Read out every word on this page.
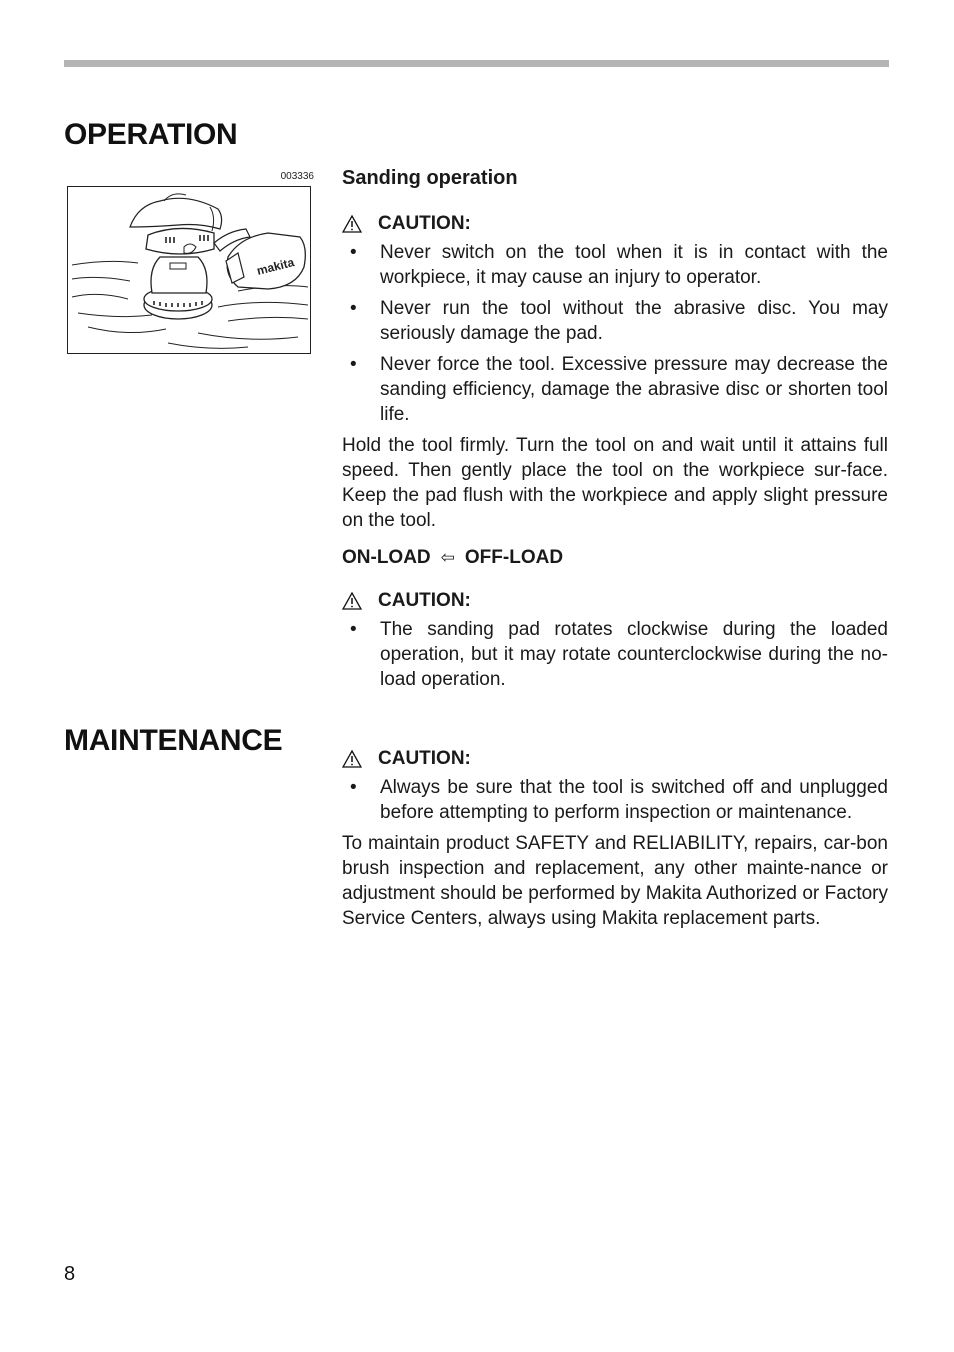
OPERATION
003336
makita
Sanding operation
CAUTION:
• Never switch on the tool when it is in contact with the workpiece, it may cause an injury to operator.
• Never run the tool without the abrasive disc. You may seriously damage the pad.
• Never force the tool. Excessive pressure may decrease the sanding efficiency, damage the abrasive disc or shorten tool life.

Hold the tool firmly. Turn the tool on and wait until it attains full speed. Then gently place the tool on the workpiece sur-face. Keep the pad flush with the workpiece and apply slight pressure on the tool.

ON-LOAD ⇦ OFF-LOAD
CAUTION:
• The sanding pad rotates clockwise during the loaded operation, but it may rotate counterclockwise during the no-load operation.
MAINTENANCE
CAUTION:
• Always be sure that the tool is switched off and unplugged before attempting to perform inspection or maintenance.

To maintain product SAFETY and RELIABILITY, repairs, car-bon brush inspection and replacement, any other mainte-nance or adjustment should be performed by Makita Authorized or Factory Service Centers, always using Makita replacement parts.

8
